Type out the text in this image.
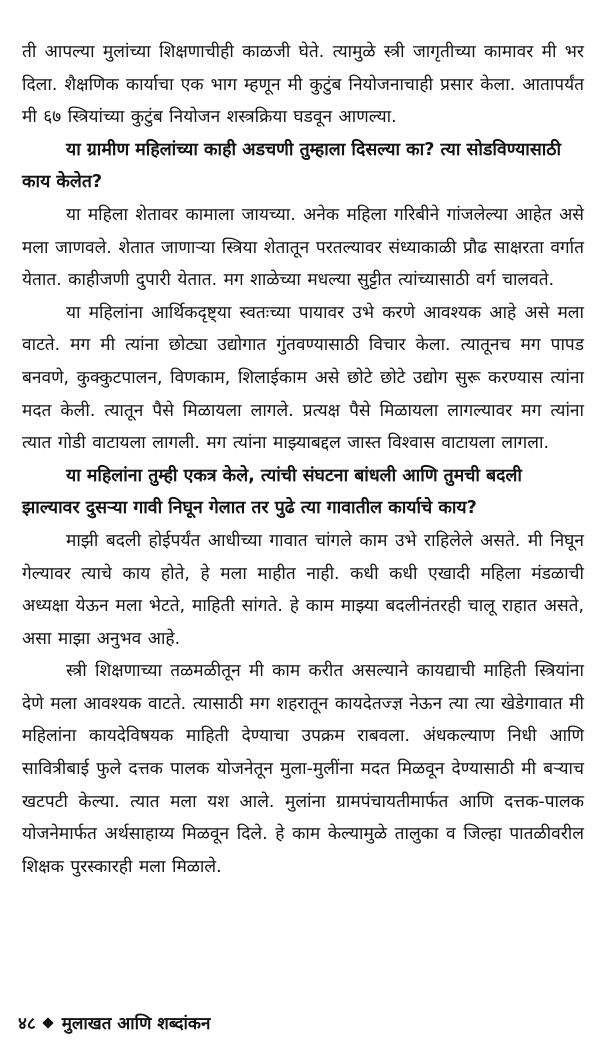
ती आपल्या मुलांच्या शिक्षणाचीही काळजी घेते. त्यामुळे स्त्री जागृतीच्या कामावर मी भर दिला. शैक्षणिक कार्याचा एक भाग म्हणून मी कुटुंब नियोजनाचाही प्रसार केला. आतापर्यंत मी ६७ स्त्रियांच्या कुटुंब नियोजन शस्त्रक्रिया घडवून आणल्या.

या ग्रामीण महिलांच्या काही अडचणी तुम्हाला दिसल्या का? त्या सोडविण्यासाठी काय केलेत?

या महिला शेतावर कामाला जायच्या. अनेक महिला गरिबीने गांजलेल्या आहेत असे मला जाणवले. शेतात जाणाऱ्या स्त्रिया शेतातून परतल्यावर संध्याकाळी प्रौढ साक्षरता वर्गात येतात. काहीजणी दुपारी येतात. मग शाळेच्या मधल्या सुट्टीत त्यांच्यासाठी वर्ग चालवते.

या महिलांना आर्थिकदृष्ट्या स्वतःच्या पायावर उभे करणे आवश्यक आहे असे मला वाटते. मग मी त्यांना छोट्या उद्योगात गुंतवण्यासाठी विचार केला. त्यातूनच मग पापड बनवणे, कुक्कुटपालन, विणकाम, शिलाईकाम असे छोटे छोटे उद्योग सुरू करण्यास त्यांना मदत केली. त्यातून पैसे मिळायला लागले. प्रत्यक्ष पैसे मिळायला लागल्यावर मग त्यांना त्यात गोडी वाटायला लागली. मग त्यांना माझ्याबद्दल जास्त विश्वास वाटायला लागला.

या महिलांना तुम्ही एकत्र केले, त्यांची संघटना बांधली आणि तुमची बदली झाल्यावर दुसऱ्या गावी निघून गेलात तर पुढे त्या गावातील कार्याचे काय?

माझी बदली होईपर्यंत आधीच्या गावात चांगले काम उभे राहिलेले असते. मी निघून गेल्यावर त्याचे काय होते, हे मला माहीत नाही. कधी कधी एखादी महिला मंडळाची अध्यक्षा येऊन मला भेटते, माहिती सांगते. हे काम माझ्या बदलीनंतरही चालू राहात असते, असा माझा अनुभव आहे.

स्त्री शिक्षणाच्या तळमळीतून मी काम करीत असल्याने कायद्याची माहिती स्त्रियांना देणे मला आवश्यक वाटते. त्यासाठी मग शहरातून कायदेतज्ज्ञ नेऊन त्या त्या खेडेगावात मी महिलांना कायदेविषयक माहिती देण्याचा उपक्रम राबवला. अंधकल्याण निधी आणि सावित्रीबाई फुले दत्तक पालक योजनेतून मुला-मुलींना मदत मिळवून देण्यासाठी मी बऱ्याच खटपटी केल्या. त्यात मला यश आले. मुलांना ग्रामपंचायतीमार्फत आणि दत्तक-पालक योजनेमार्फत अर्थसाहाय्य मिळवून दिले. हे काम केल्यामुळे तालुका व जिल्हा पातळीवरील शिक्षक पुरस्कारही मला मिळाले.

४८ मुलाखत आणि शब्दांकन
